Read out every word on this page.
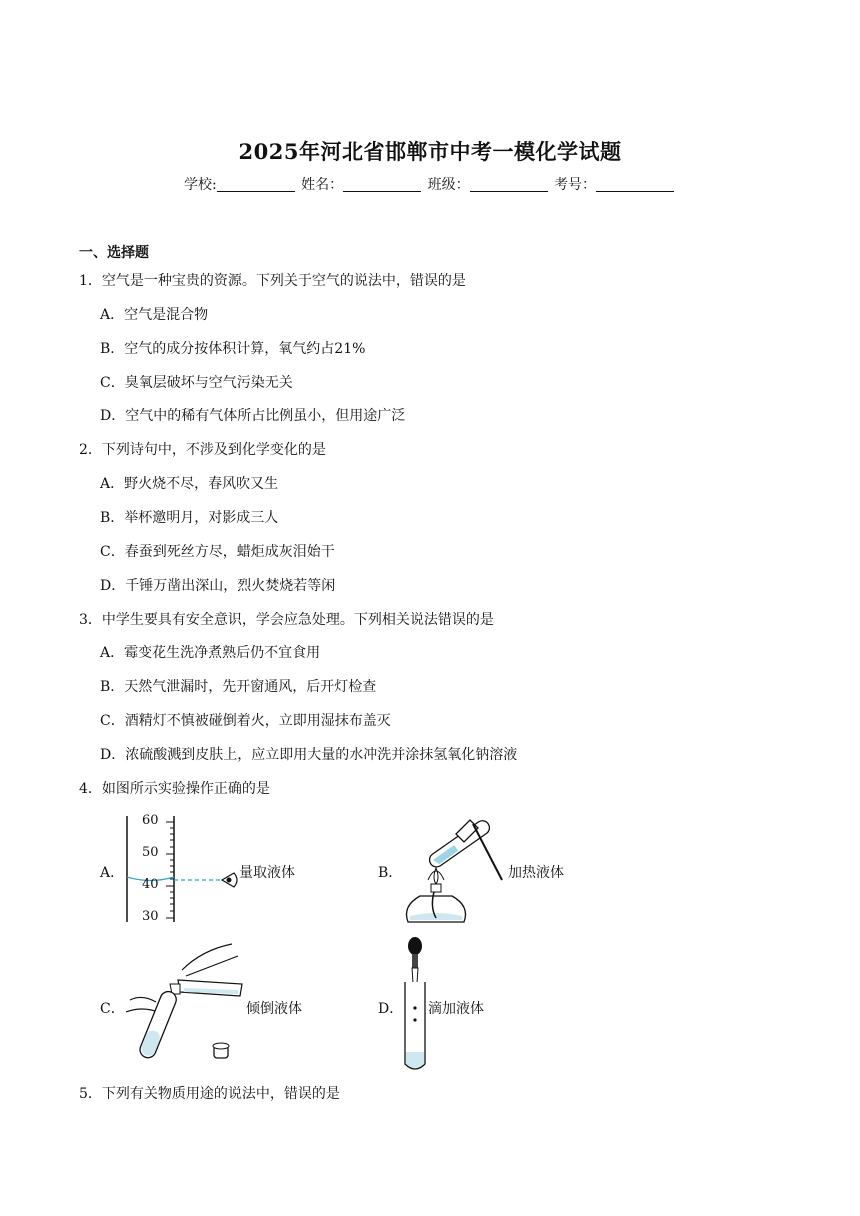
2025年河北省邯郸市中考一模化学试题
学校:	姓名：	班级：	考号：
一、选择题
1．空气是一种宝贵的资源。下列关于空气的说法中，错误的是
A．空气是混合物
B．空气的成分按体积计算，氧气约占21%
C．臭氧层破坏与空气污染无关
D．空气中的稀有气体所占比例虽小，但用途广泛
2．下列诗句中，不涉及到化学变化的是
A．野火烧不尽，春风吹又生
B．举杯邀明月，对影成三人
C．春蚕到死丝方尽，蜡炬成灰泪始干
D．千锤万凿出深山，烈火焚烧若等闲
3．中学生要具有安全意识，学会应急处理。下列相关说法错误的是
A．霉变花生洗净煮熟后仍不宜食用
B．天然气泄漏时，先开窗通风，后开灯检查
C．酒精灯不慎被碰倒着火，立即用湿抹布盖灭
D．浓硫酸溅到皮肤上，应立即用大量的水冲洗并涂抹氢氧化钠溶液
4．如图所示实验操作正确的是
A．
60
50
40
30
量取液体	B．	加热液体
C．	倾倒液体	D． 滴加液体
5．下列有关物质用途的说法中，错误的是
